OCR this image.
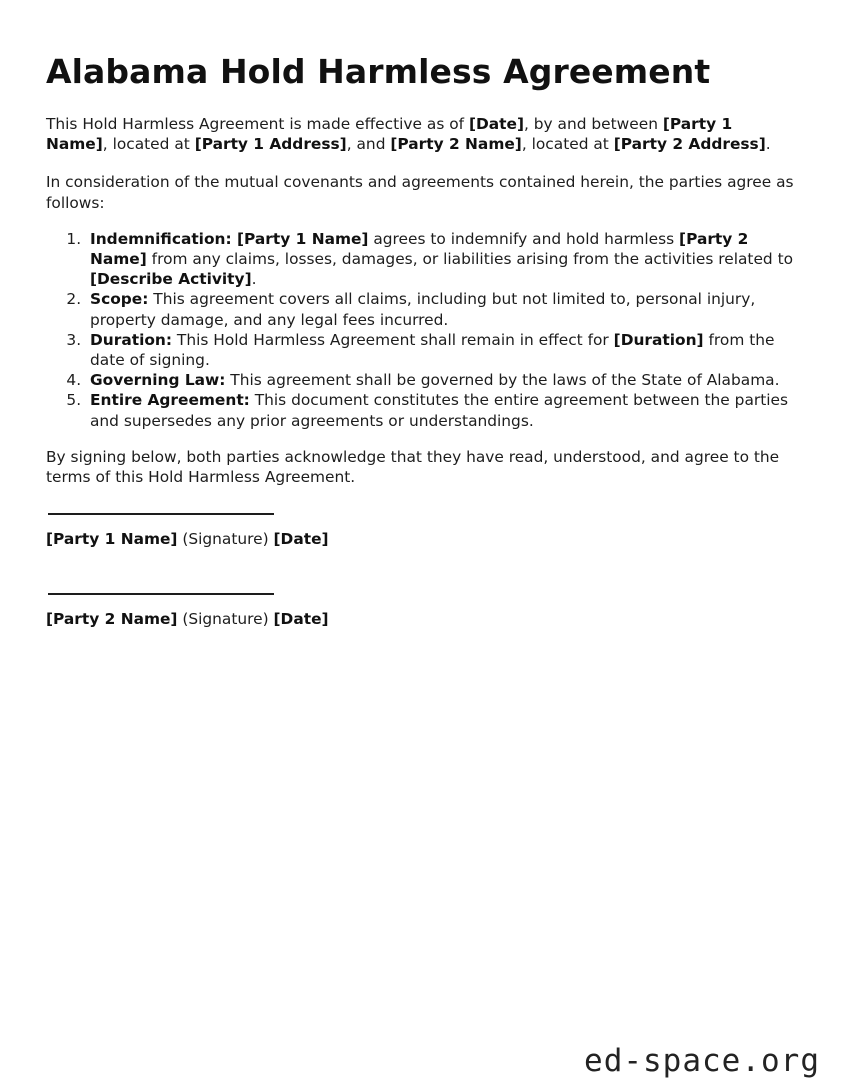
Alabama Hold Harmless Agreement

This Hold Harmless Agreement is made effective as of [Date], by and between [Party 1 Name], located at [Party 1 Address], and [Party 2 Name], located at [Party 2 Address].

In consideration of the mutual covenants and agreements contained herein, the parties agree as follows:

1. Indemnification: [Party 1 Name] agrees to indemnify and hold harmless [Party 2 Name] from any claims, losses, damages, or liabilities arising from the activities related to [Describe Activity].
2. Scope: This agreement covers all claims, including but not limited to, personal injury, property damage, and any legal fees incurred.
3. Duration: This Hold Harmless Agreement shall remain in effect for [Duration] from the date of signing.
4. Governing Law: This agreement shall be governed by the laws of the State of Alabama.
5. Entire Agreement: This document constitutes the entire agreement between the parties and supersedes any prior agreements or understandings.

By signing below, both parties acknowledge that they have read, understood, and agree to the terms of this Hold Harmless Agreement.

[Party 1 Name] (Signature) [Date]

[Party 2 Name] (Signature) [Date]

ed-space.org
